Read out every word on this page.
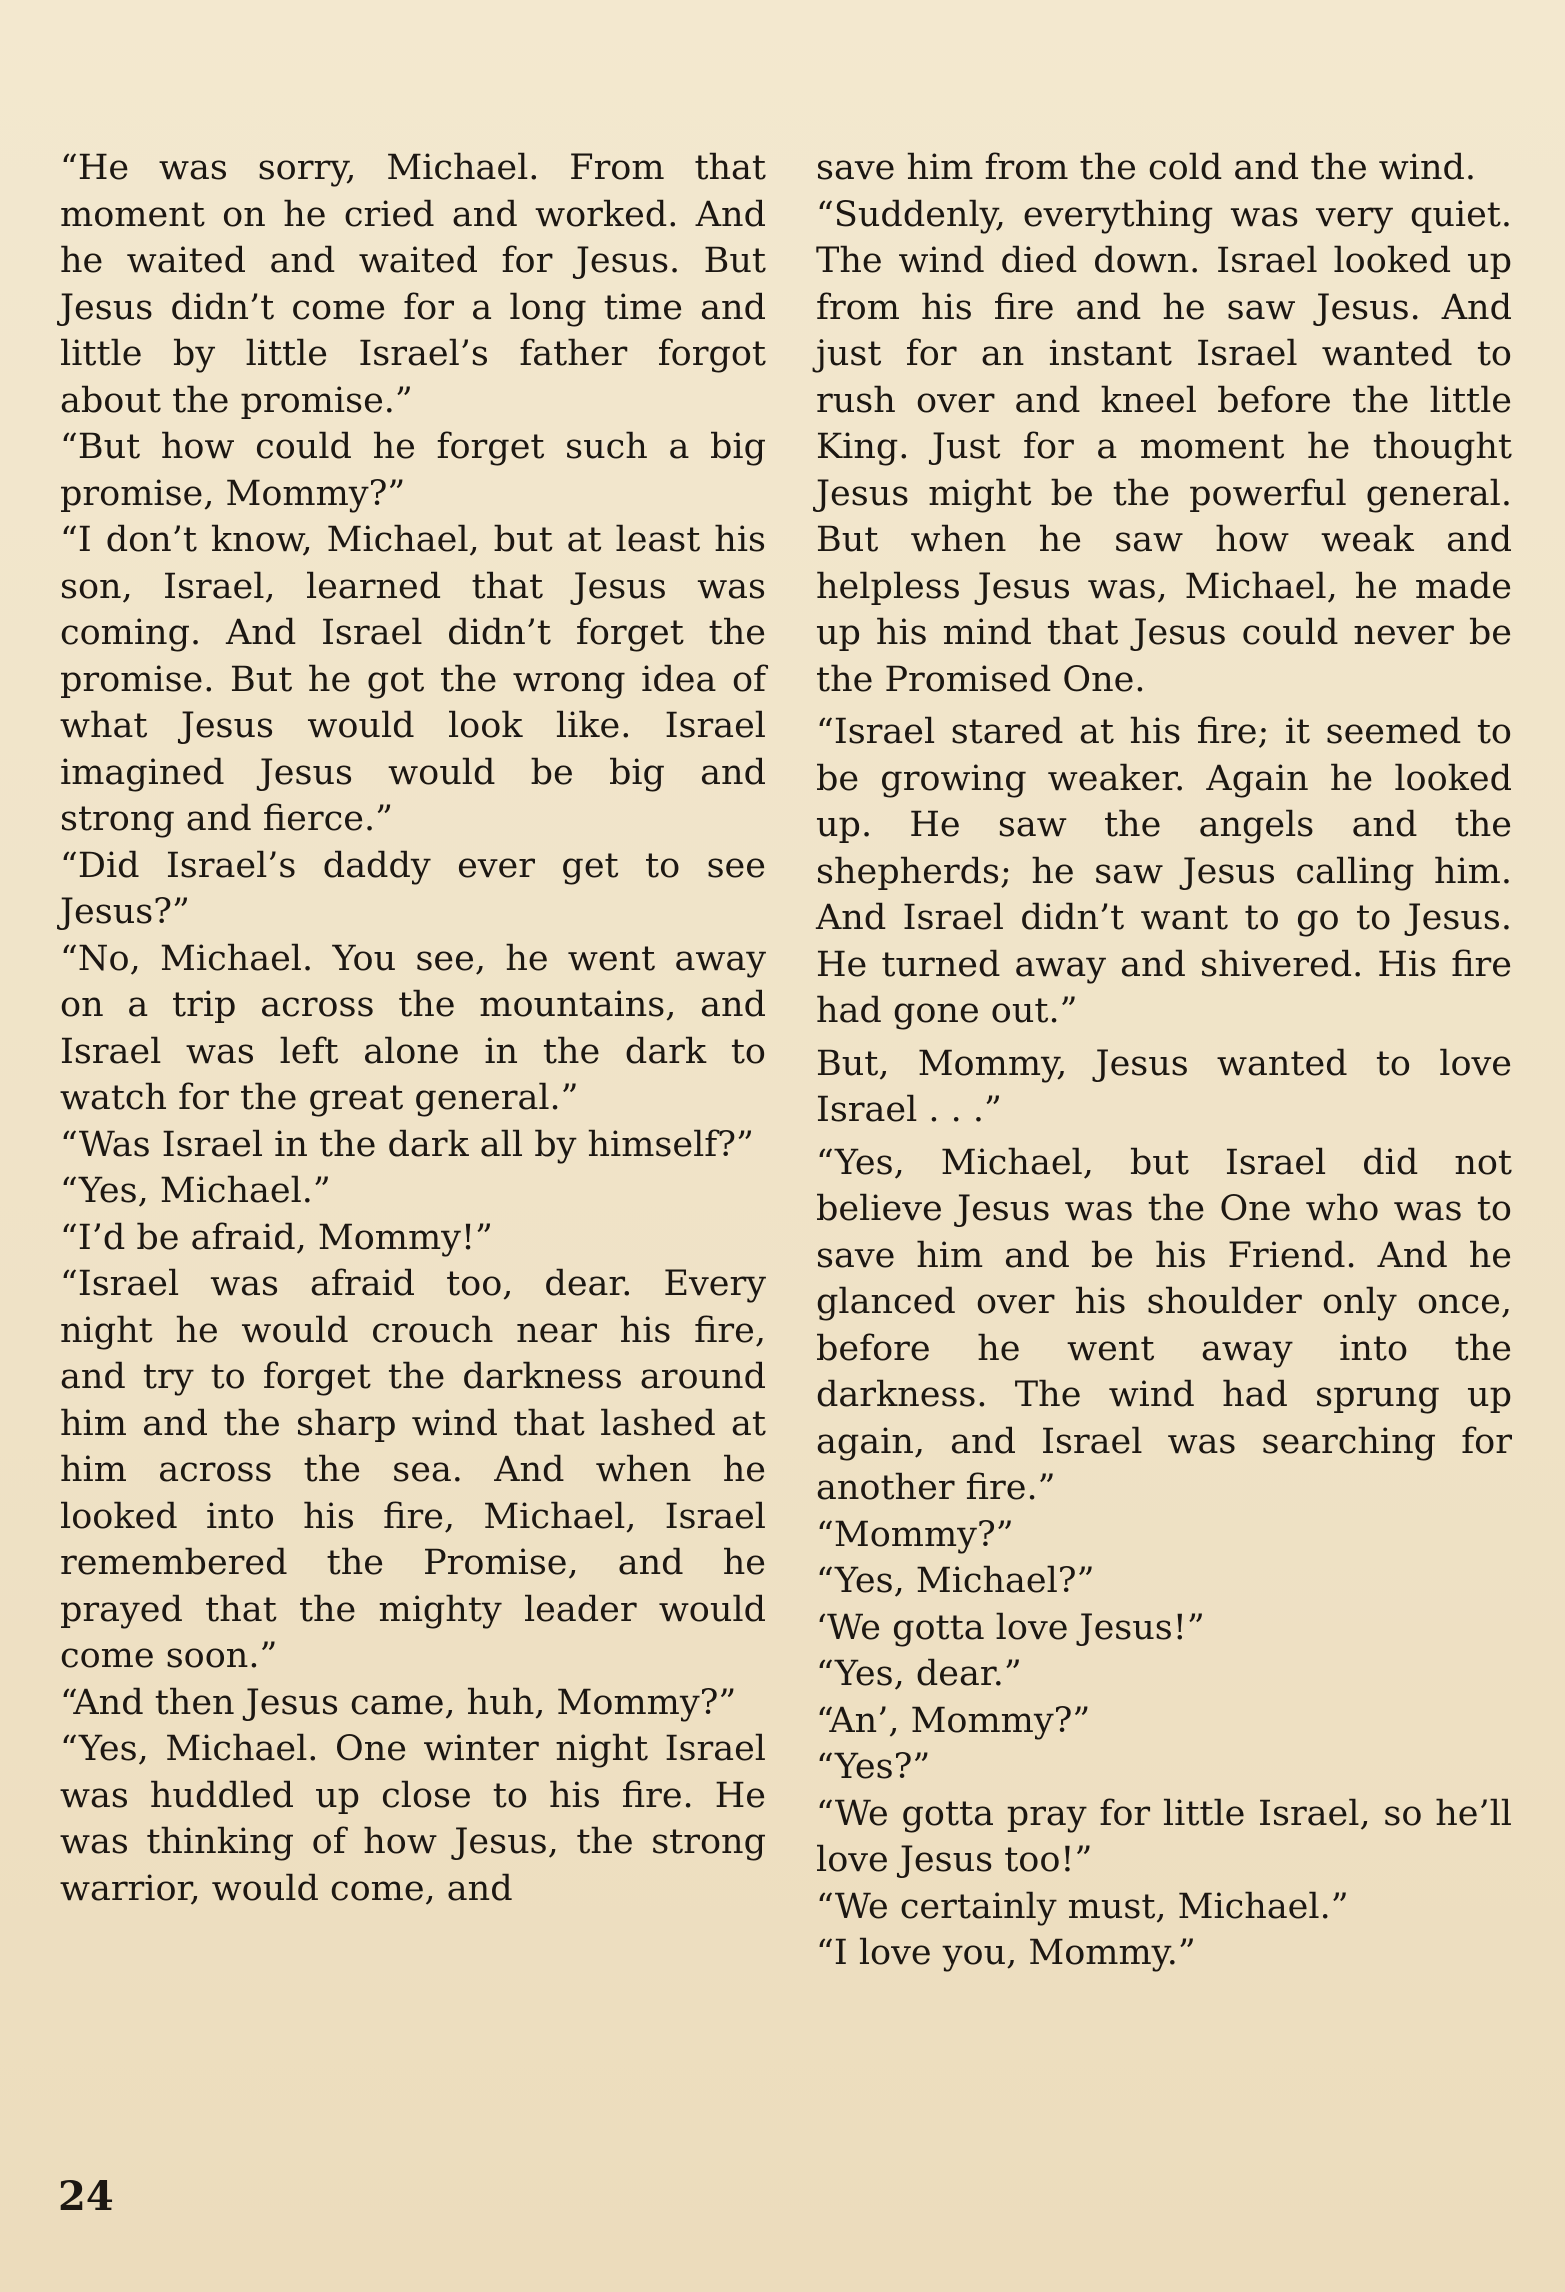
“He was sorry, Michael. From that moment on he cried and worked. And he waited and waited for Jesus. But Jesus didn’t come for a long time and little by little Israel’s father forgot about the promise.”

“But how could he forget such a big promise, Mommy?”

“I don’t know, Michael, but at least his son, Israel, learned that Jesus was coming. And Israel didn’t forget the promise. But he got the wrong idea of what Jesus would look like. Israel imagined Jesus would be big and strong and fierce.”

“Did Israel’s daddy ever get to see Jesus?”

“No, Michael. You see, he went away on a trip across the mountains, and Israel was left alone in the dark to watch for the great general.”

“Was Israel in the dark all by himself?”

“Yes, Michael.”

“I’d be afraid, Mommy!”

“Israel was afraid too, dear. Every night he would crouch near his fire, and try to forget the darkness around him and the sharp wind that lashed at him across the sea. And when he looked into his fire, Michael, Israel remembered the Promise, and he prayed that the mighty leader would come soon.”

“And then Jesus came, huh, Mommy?”

“Yes, Michael. One winter night Israel was huddled up close to his fire. He was thinking of how Jesus, the strong warrior, would come, and

save him from the cold and the wind.

“Suddenly, everything was very quiet. The wind died down. Israel looked up from his fire and he saw Jesus. And just for an instant Israel wanted to rush over and kneel before the little King. Just for a moment he thought Jesus might be the powerful general. But when he saw how weak and helpless Jesus was, Michael, he made up his mind that Jesus could never be the Promised One.

“Israel stared at his fire; it seemed to be growing weaker. Again he looked up. He saw the angels and the shepherds; he saw Jesus calling him. And Israel didn’t want to go to Jesus. He turned away and shivered. His fire had gone out.”

But, Mommy, Jesus wanted to love Israel . . .”

“Yes, Michael, but Israel did not believe Jesus was the One who was to save him and be his Friend. And he glanced over his shoulder only once, before he went away into the darkness. The wind had sprung up again, and Israel was searching for another fire.”

“Mommy?”

“Yes, Michael?”

‘We gotta love Jesus!”

“Yes, dear.”

“An’, Mommy?”

“Yes?”

“We gotta pray for little Israel, so he’ll love Jesus too!”

“We certainly must, Michael.”

“I love you, Mommy.”

24
